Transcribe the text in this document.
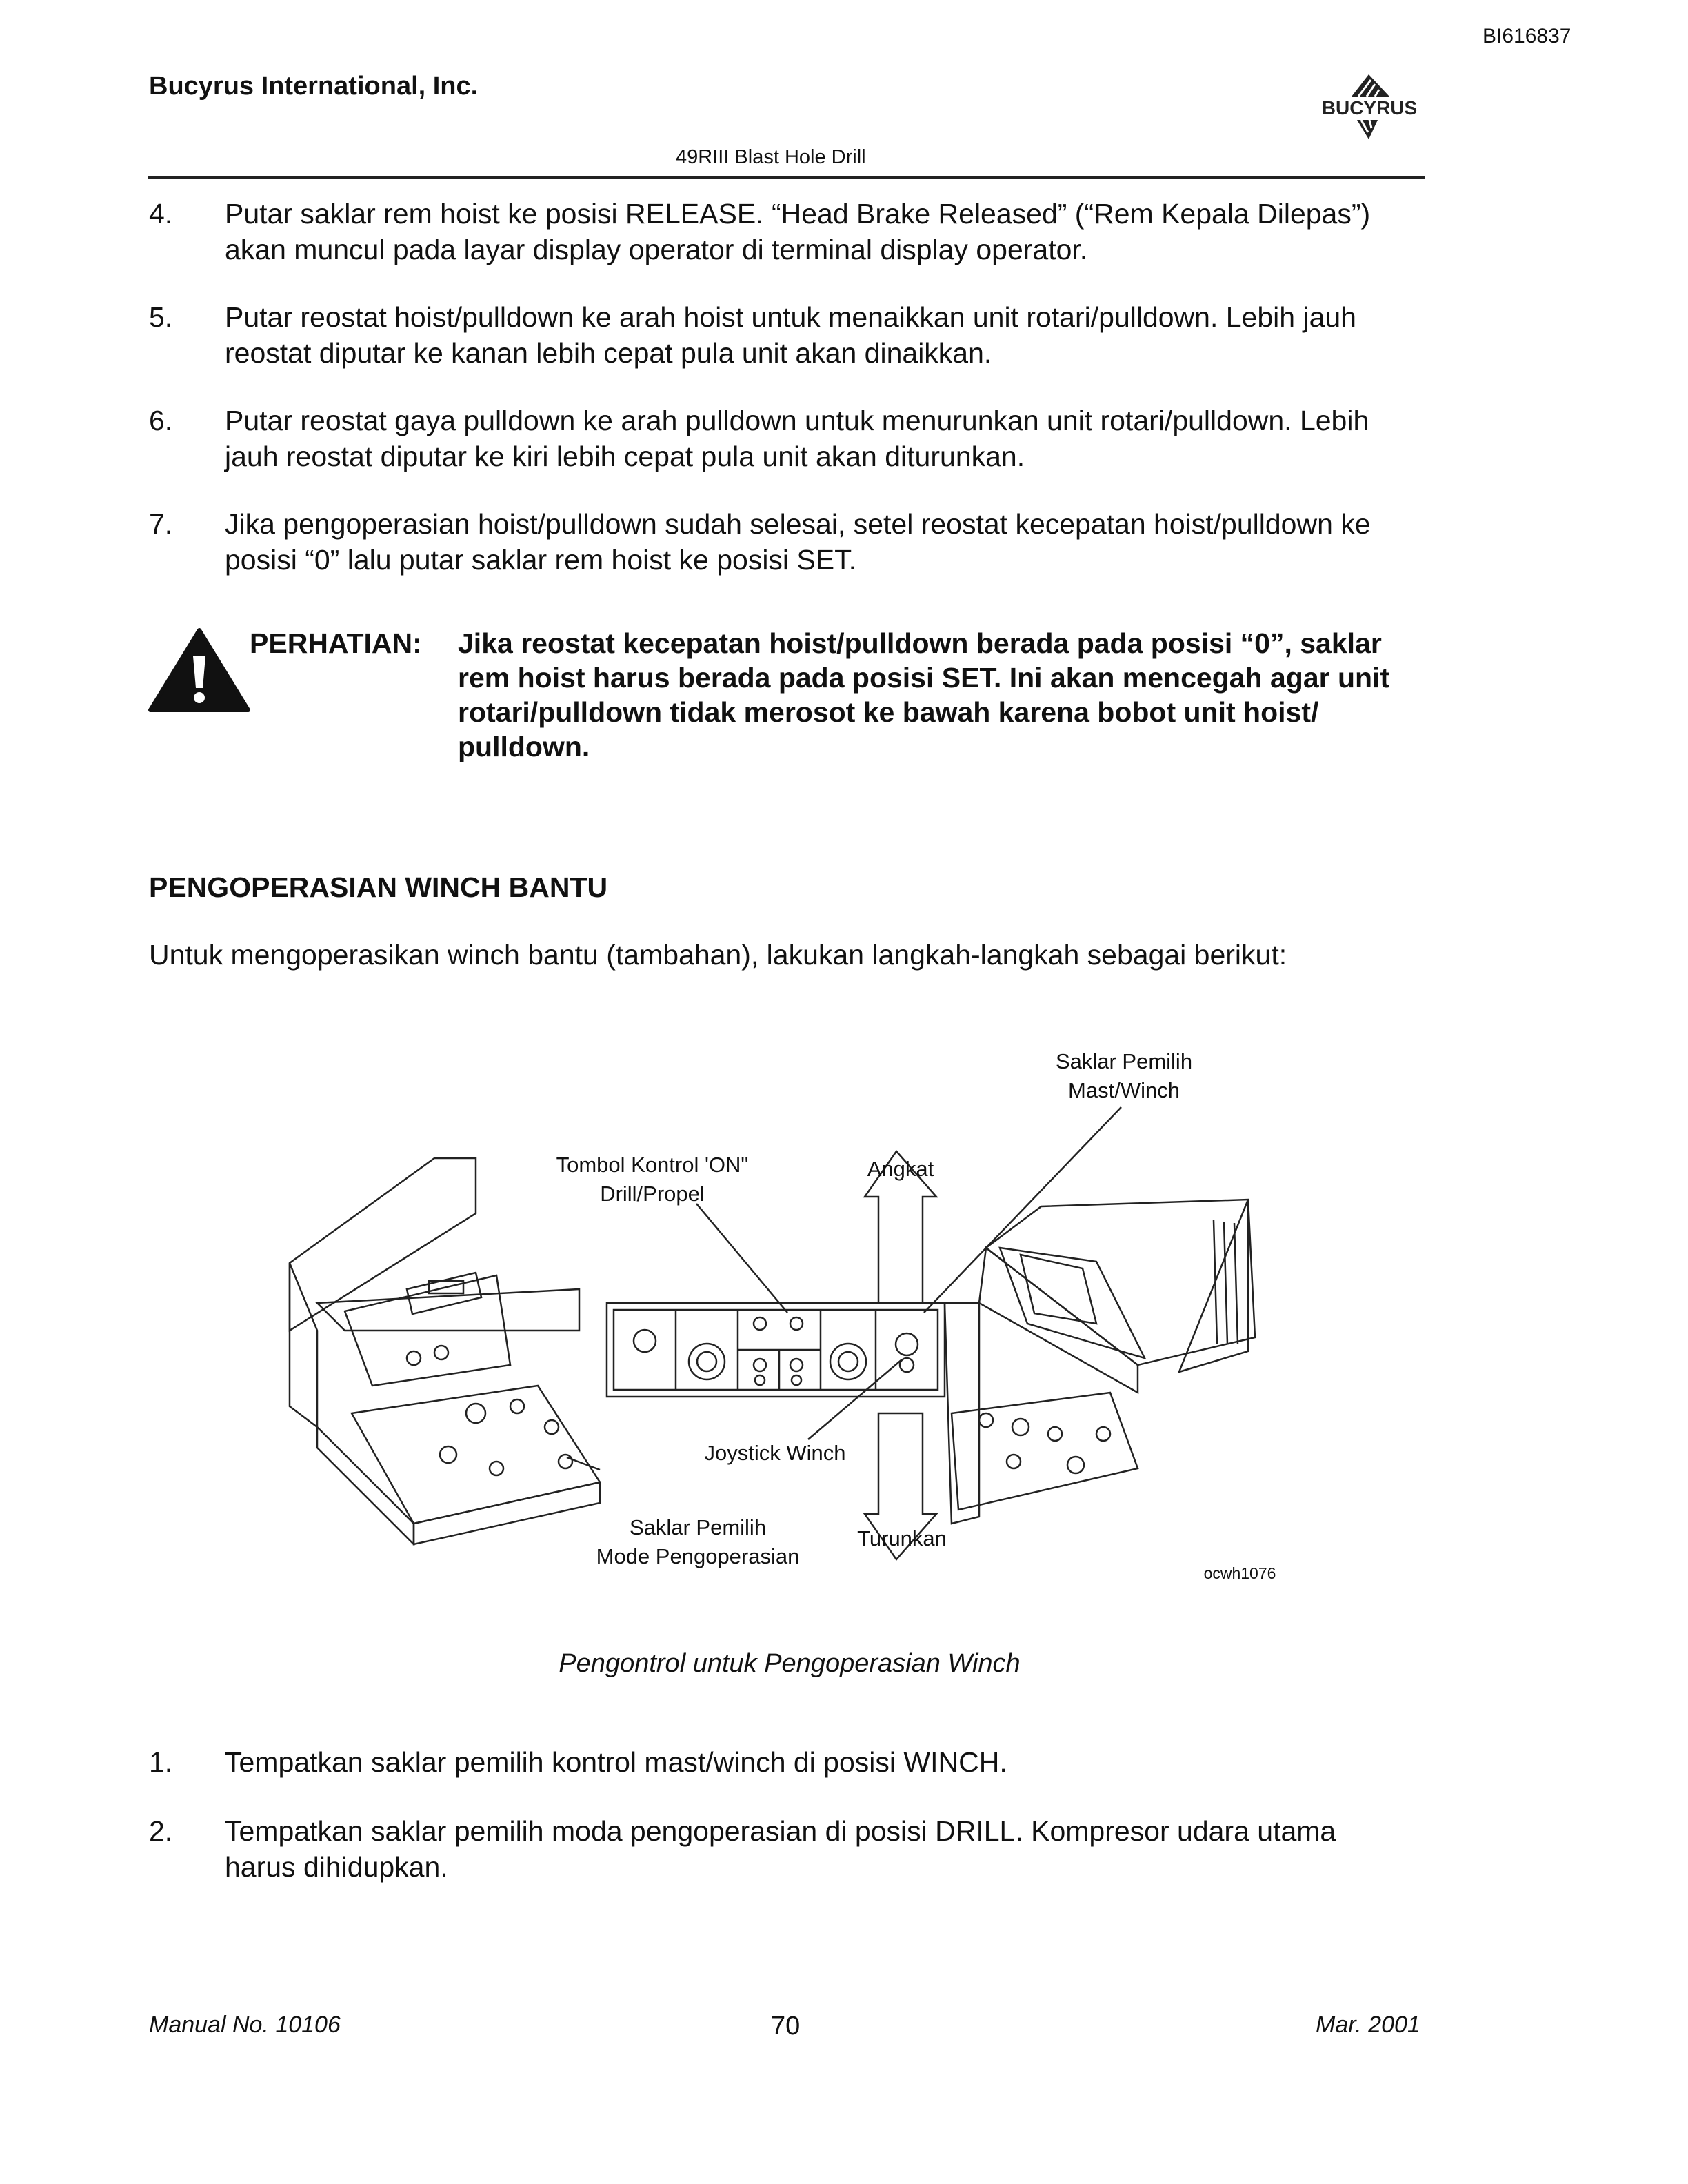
BI616837
Bucyrus International, Inc.
BUCYRUS
49RIII Blast Hole Drill
4. Putar saklar rem hoist ke posisi RELEASE. “Head Brake Released” (“Rem Kepala Dilepas”)
akan muncul pada layar display operator di terminal display operator.
5. Putar reostat hoist/pulldown ke arah hoist untuk menaikkan unit rotari/pulldown. Lebih jauh
reostat diputar ke kanan lebih cepat pula unit akan dinaikkan.
6. Putar reostat gaya pulldown ke arah pulldown untuk menurunkan unit rotari/pulldown. Lebih
jauh reostat diputar ke kiri lebih cepat pula unit akan diturunkan.
7. Jika pengoperasian hoist/pulldown sudah selesai, setel reostat kecepatan hoist/pulldown ke
posisi “0” lalu putar saklar rem hoist ke posisi SET.
PERHATIAN: Jika reostat kecepatan hoist/pulldown berada pada posisi “0”, saklar
rem hoist harus berada pada posisi SET. Ini akan mencegah agar unit
rotari/pulldown tidak merosot ke bawah karena bobot unit hoist/
pulldown.
PENGOPERASIAN WINCH BANTU
Untuk mengoperasikan winch bantu (tambahan), lakukan langkah-langkah sebagai berikut:
Saklar Pemilih
Mast/Winch
Tombol Kontrol 'ON"
Drill/Propel
Angkat
Joystick Winch
Saklar Pemilih
Mode Pengoperasian
Turunkan
ocwh1076
Pengontrol untuk Pengoperasian Winch
1. Tempatkan saklar pemilih kontrol mast/winch di posisi WINCH.
2. Tempatkan saklar pemilih moda pengoperasian di posisi DRILL. Kompresor udara utama
harus dihidupkan.
Manual No. 10106	70	Mar. 2001
